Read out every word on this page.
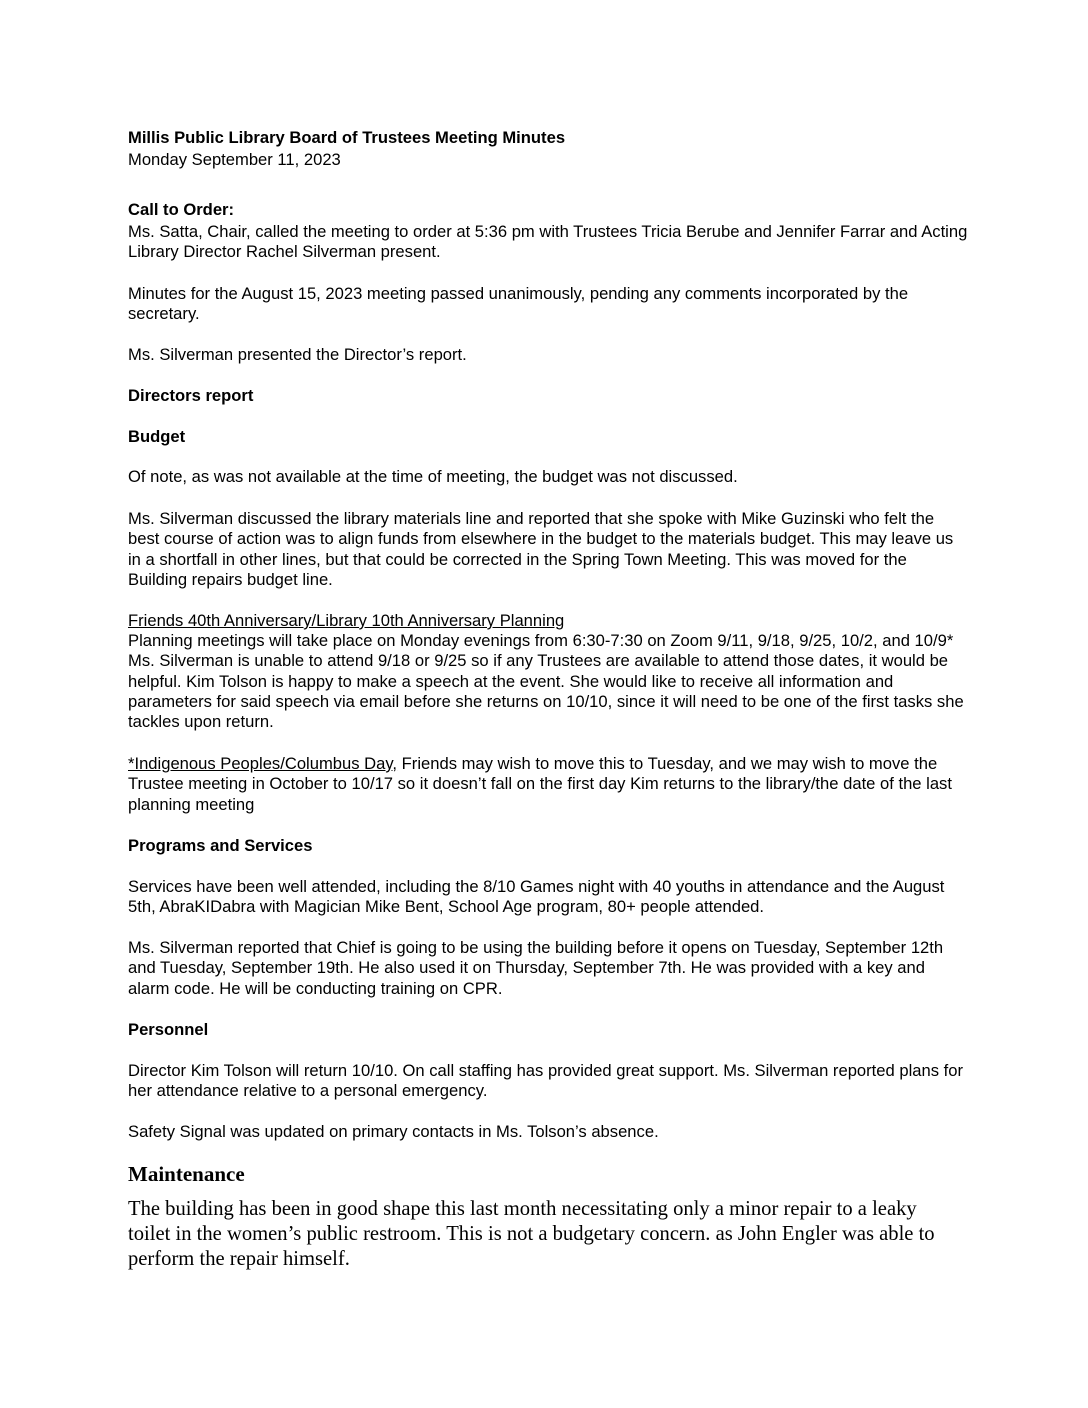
Millis Public Library Board of Trustees Meeting Minutes

Monday September 11, 2023

Call to Order:

Ms. Satta, Chair, called the meeting to order at 5:36 pm with Trustees Tricia Berube and Jennifer Farrar and Acting Library Director Rachel Silverman present.

Minutes for the August 15, 2023 meeting passed unanimously, pending any comments incorporated by the secretary.

Ms. Silverman presented the Director’s report.

Directors report

Budget

Of note, as was not available at the time of meeting, the budget was not discussed.

Ms. Silverman discussed the library materials line and reported that she spoke with Mike Guzinski who felt the best course of action was to align funds from elsewhere in the budget to the materials budget. This may leave us in a shortfall in other lines, but that could be corrected in the Spring Town Meeting. This was moved for the Building repairs budget line.

Friends 40th Anniversary/Library 10th Anniversary Planning

Planning meetings will take place on Monday evenings from 6:30-7:30 on Zoom 9/11, 9/18, 9/25, 10/2, and 10/9* Ms. Silverman is unable to attend 9/18 or 9/25 so if any Trustees are available to attend those dates, it would be helpful. Kim Tolson is happy to make a speech at the event. She would like to receive all information and parameters for said speech via email before she returns on 10/10, since it will need to be one of the first tasks she tackles upon return.

*Indigenous Peoples/Columbus Day, Friends may wish to move this to Tuesday, and we may wish to move the Trustee meeting in October to 10/17 so it doesn’t fall on the first day Kim returns to the library/the date of the last planning meeting

Programs and Services

Services have been well attended, including the 8/10 Games night with 40 youths in attendance and the August 5th, AbraKIDabra with Magician Mike Bent, School Age program, 80+ people attended.

Ms. Silverman reported that Chief is going to be using the building before it opens on Tuesday, September 12th and Tuesday, September 19th. He also used it on Thursday, September 7th. He was provided with a key and alarm code. He will be conducting training on CPR.

Personnel

Director Kim Tolson will return 10/10. On call staffing has provided great support. Ms. Silverman reported plans for her attendance relative to a personal emergency.

Safety Signal was updated on primary contacts in Ms. Tolson’s absence.

Maintenance

The building has been in good shape this last month necessitating only a minor repair to a leaky toilet in the women’s public restroom. This is not a budgetary concern. as John Engler was able to perform the repair himself.
